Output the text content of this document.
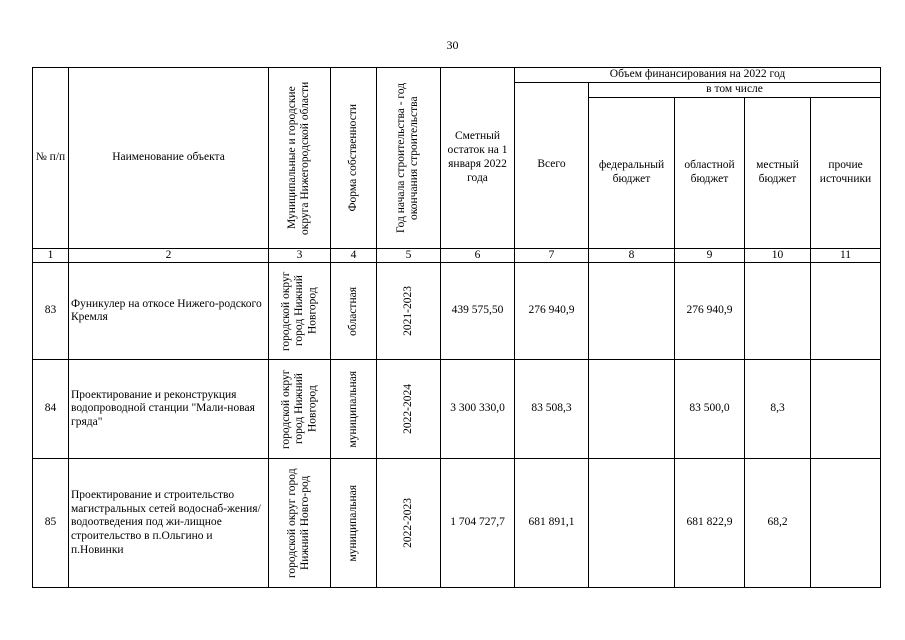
30
№ п/п	Наименование объекта	Муниципальные и городские округа Нижегородской области	Форма собственности	Год начала строительства - год окончания строительства	Сметный остаток на 1 января 2022 года	Объем финансирования на 2022 год				
						Всего	в том числе			
							федеральный бюджет	областной бюджет	местный бюджет	прочие источники
1	2	3	4	5	6	7	8	9	10	11
83	Фуникулер на откосе Нижего-родского Кремля	городской округ город Нижний Новгород	областная	2021-2023	439 575,50	276 940,9		276 940,9		
84	Проектирование и реконструкция водопроводной станции "Мали-новая гряда"	городской округ город Нижний Новгород	муниципальная	2022-2024	3 300 330,0	83 508,3		83 500,0	8,3	
85	Проектирование и строительство магистральных сетей водоснаб-жения/водоотведения под жи-лищное строительство в п.Ольгино и п.Новинки	городской округ город Нижний Новго-род	муниципальная	2022-2023	1 704 727,7	681 891,1		681 822,9	68,2	
